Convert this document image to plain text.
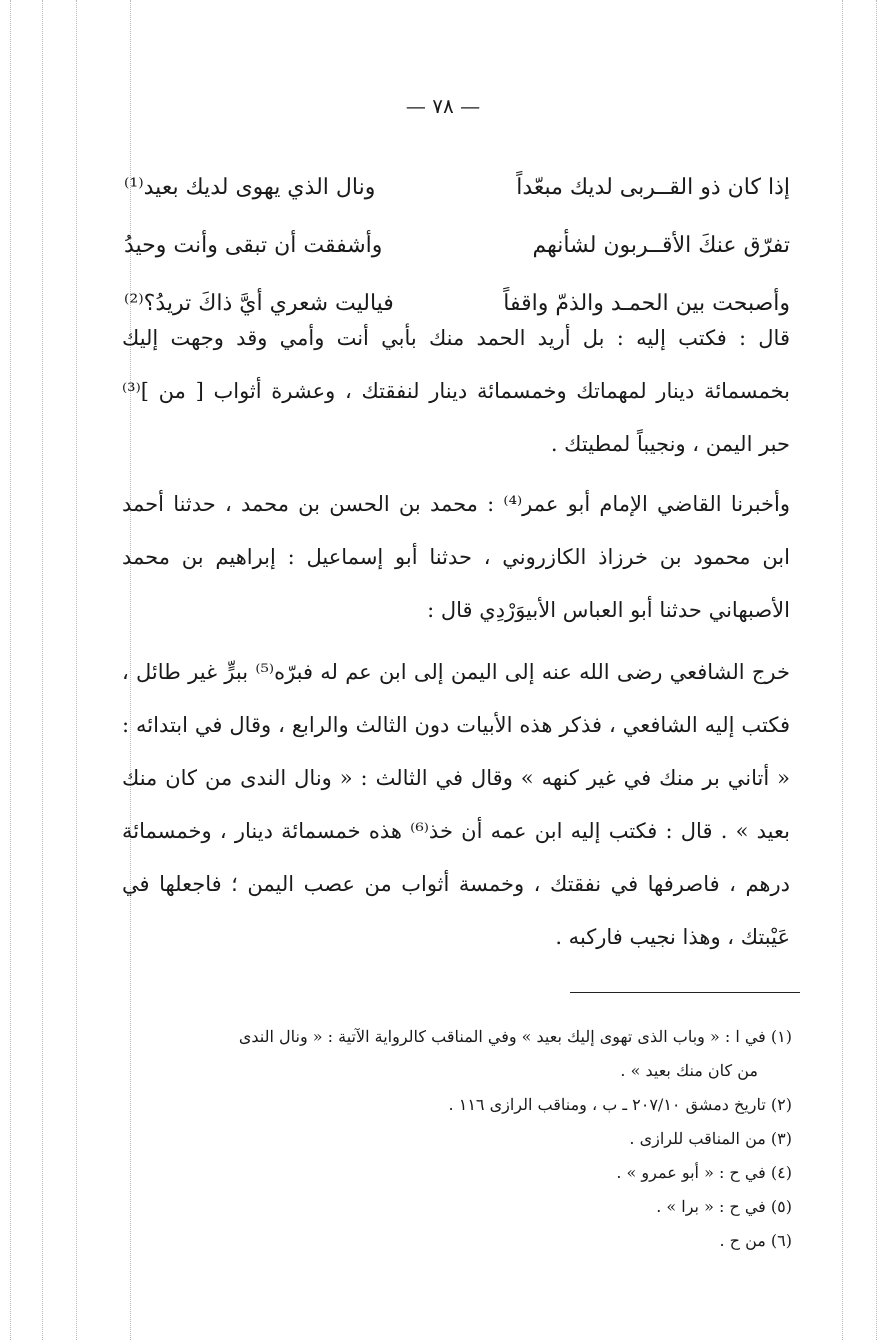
— ٧٨ —
إذا كان ذو القــربى لديك مبعّداً
ونال الذي يهوى لديك بعيد⁽¹⁾
تفرّق عنكَ الأقــربون لشأنهم
وأشفقت أن تبقى وأنت وحيدُ
وأصبحت بين الحمـد والذمّ واقفاً
فياليت شعري أيَّ ذاكَ تريدُ؟⁽²⁾

قال : فكتب إليه : بل أريد الحمد منك بأبي أنت وأمي وقد وجهت إليك بخمسمائة دينار لمهماتك وخمسمائة دينار لنفقتك ، وعشرة أثواب [ من ]⁽³⁾ حبر اليمن ، ونجيباً لمطيتك .

وأخبرنا القاضي الإمام أبو عمر⁽⁴⁾ : محمد بن الحسن بن محمد ، حدثنا أحمد ابن محمود بن خرزاذ الكازروني ، حدثنا أبو إسماعيل : إبراهيم بن محمد الأصبهاني حدثنا أبو العباس الأبيوَرْدِي قال :

خرج الشافعي رضى الله عنه إلى اليمن إلى ابن عم له فبرّه⁽⁵⁾ ببرٍّ غير طائل ، فكتب إليه الشافعي ، فذكر هذه الأبيات دون الثالث والرابع ، وقال في ابتدائه : « أتاني بر منك في غير كنهه » وقال في الثالث : « ونال الندى من كان منك بعيد » . قال : فكتب إليه ابن عمه أن خذ⁽⁶⁾ هذه خمسمائة دينار ، وخمسمائة درهم ، فاصرفها في نفقتك ، وخمسة أثواب من عصب اليمن ؛ فاجعلها في عَيْبتك ، وهذا نجيب فاركبه .

(١) في ا : « وباب الذى تهوى إليك بعيد » وفي المناقب كالرواية الآتية : « ونال الندى
من كان منك بعيد » .
(٢) تاريخ دمشق ٢٠٧/١٠ ـ ب ، ومناقب الرازى ١١٦ .
(٣) من المناقب للرازى .
(٤) في ح : « أبو عمرو » .
(٥) في ح : « برا » .
(٦) من ح .
